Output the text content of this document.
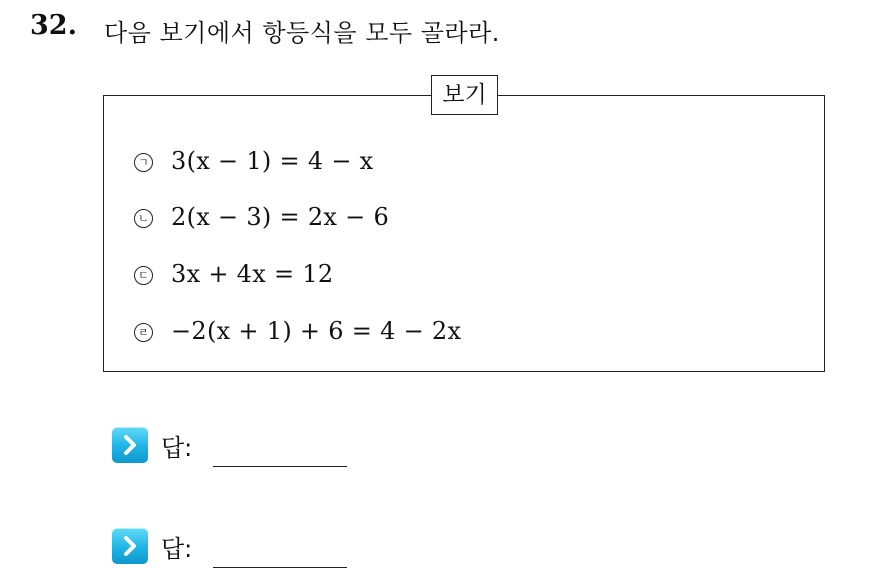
32. 다음 보기에서 항등식을 모두 골라라.
보기
ㄱ 3(x − 1) = 4 − x
ㄴ 2(x − 3) = 2x − 6
ㄷ 3x + 4x = 12
ㄹ −2(x + 1) + 6 = 4 − 2x
답:
답:
